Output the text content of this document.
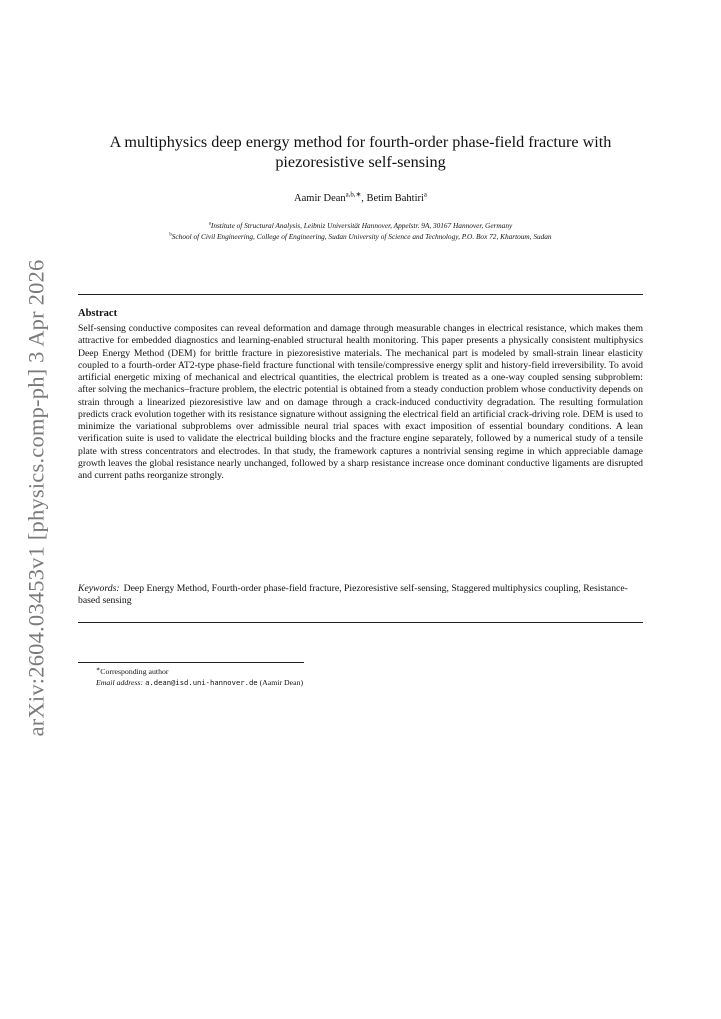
arXiv:2604.03453v1 [physics.comp-ph] 3 Apr 2026
A multiphysics deep energy method for fourth-order phase-field fracture with piezoresistive self-sensing
Aamir Dean$^{a,b,∗}$, Betim Bahtiri$^a$
$^a$Institute of Structural Analysis, Leibniz Universität Hannover, Appelstr. 9A, 30167 Hannover, Germany
$^b$School of Civil Engineering, College of Engineering, Sudan University of Science and Technology, P.O. Box 72, Khartoum, Sudan
Abstract
Self-sensing conductive composites can reveal deformation and damage through measurable changes in electrical resistance, which makes them attractive for embedded diagnostics and learning-enabled structural health monitoring. This paper presents a physically consistent multiphysics Deep Energy Method (DEM) for brittle fracture in piezoresistive materials. The mechanical part is modeled by small-strain linear elasticity coupled to a fourth-order AT2-type phase-field fracture functional with tensile/compressive energy split and history-field irreversibility. To avoid artificial energetic mixing of mechanical and electrical quantities, the electrical problem is treated as a one-way coupled sensing subproblem: after solving the mechanics–fracture problem, the electric potential is obtained from a steady conduction problem whose conductivity depends on strain through a linearized piezoresistive law and on damage through a crack-induced conductivity degradation. The resulting formulation predicts crack evolution together with its resistance signature without assigning the electrical field an artificial crack-driving role. DEM is used to minimize the variational subproblems over admissible neural trial spaces with exact imposition of essential boundary conditions. A lean verification suite is used to validate the electrical building blocks and the fracture engine separately, followed by a numerical study of a tensile plate with stress concentrators and electrodes. In that study, the framework captures a nontrivial sensing regime in which appreciable damage growth leaves the global resistance nearly unchanged, followed by a sharp resistance increase once dominant conductive ligaments are disrupted and current paths reorganize strongly.
Keywords: Deep Energy Method, Fourth-order phase-field fracture, Piezoresistive self-sensing, Staggered multiphysics coupling, Resistance-based sensing
∗Corresponding author
Email address: a.dean@isd.uni-hannover.de (Aamir Dean)
